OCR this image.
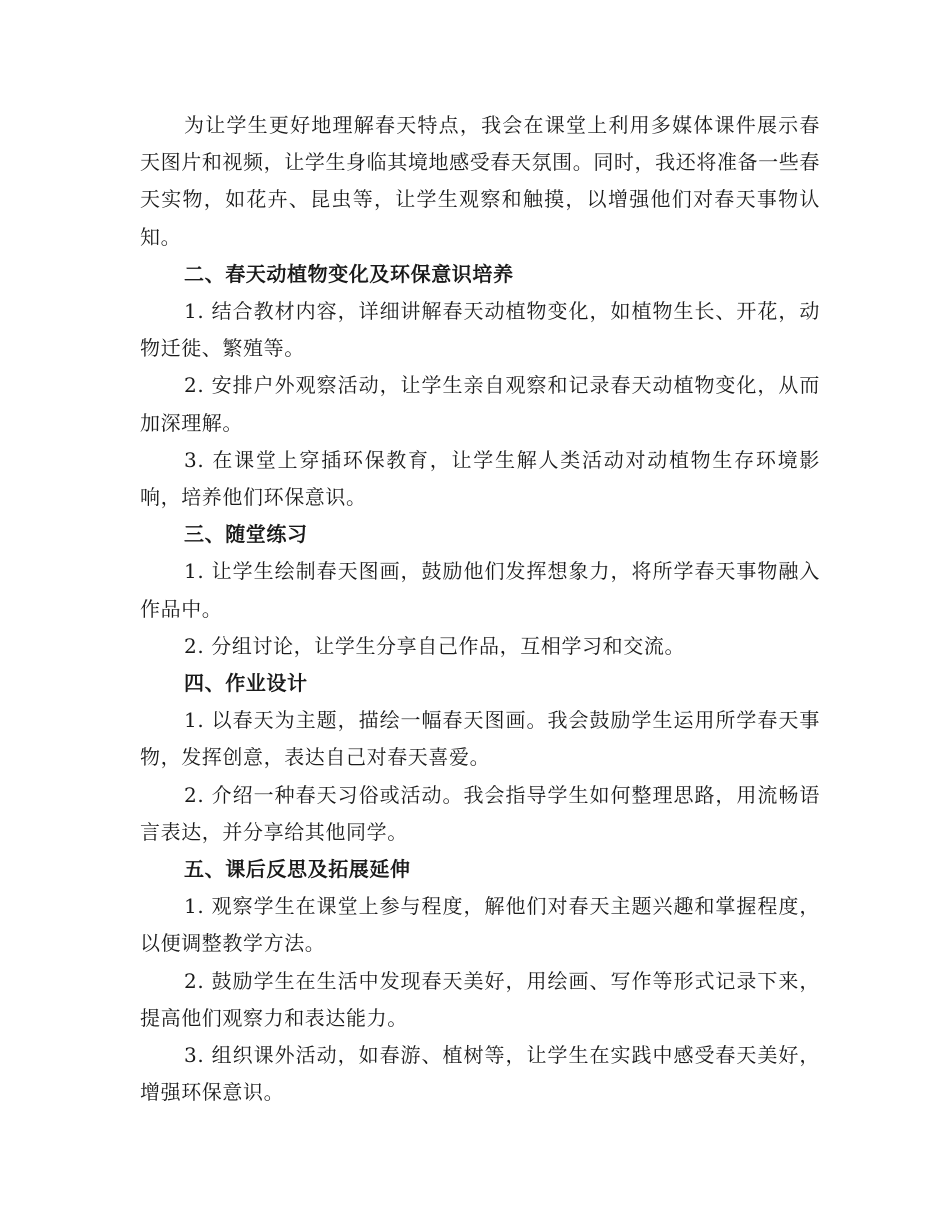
为让学生更好地理解春天特点，我会在课堂上利用多媒体课件展示春天图片和视频，让学生身临其境地感受春天氛围。同时，我还将准备一些春天实物，如花卉、昆虫等，让学生观察和触摸，以增强他们对春天事物认知。

二、春天动植物变化及环保意识培养

1. 结合教材内容，详细讲解春天动植物变化，如植物生长、开花，动物迁徙、繁殖等。

2. 安排户外观察活动，让学生亲自观察和记录春天动植物变化，从而加深理解。

3. 在课堂上穿插环保教育，让学生解人类活动对动植物生存环境影响，培养他们环保意识。

三、随堂练习

1. 让学生绘制春天图画，鼓励他们发挥想象力，将所学春天事物融入作品中。

2. 分组讨论，让学生分享自己作品，互相学习和交流。

四、作业设计

1. 以春天为主题，描绘一幅春天图画。我会鼓励学生运用所学春天事物，发挥创意，表达自己对春天喜爱。

2. 介绍一种春天习俗或活动。我会指导学生如何整理思路，用流畅语言表达，并分享给其他同学。

五、课后反思及拓展延伸

1. 观察学生在课堂上参与程度，解他们对春天主题兴趣和掌握程度，以便调整教学方法。

2. 鼓励学生在生活中发现春天美好，用绘画、写作等形式记录下来，提高他们观察力和表达能力。

3. 组织课外活动，如春游、植树等，让学生在实践中感受春天美好，增强环保意识。
